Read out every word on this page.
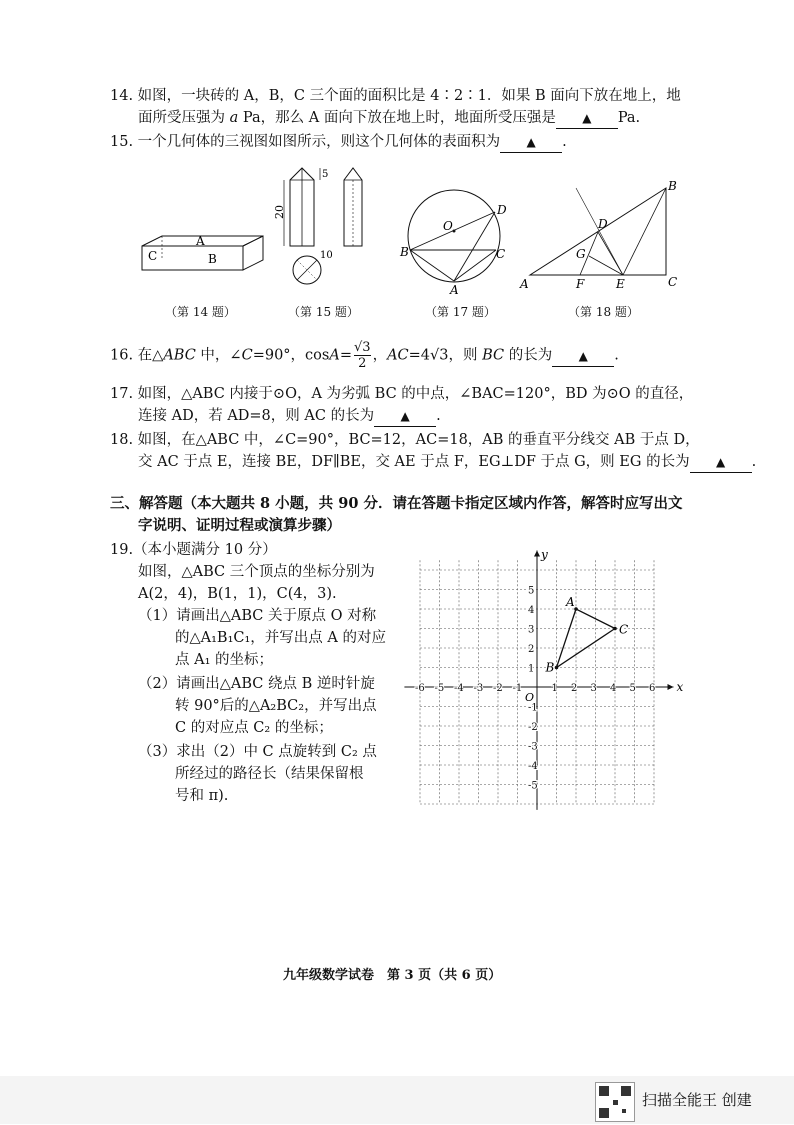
14. 如图，一块砖的 A，B，C 三个面的面积比是 4∶2∶1．如果 B 面向下放在地上，地
面所受压强为 a Pa，那么 A 面向下放在地上时，地面所受压强是 ▲ Pa.
15. 一个几何体的三视图如图所示，则这个几何体的表面积为 ▲ .
C
A
B
（第 14 题）
5
20
10
（第 15 题）
O
D
B	C
A
（第 17 题）
B
D
G
A	F	E	C
（第 18 题）
16. 在△ABC 中，∠C=90°，$\cos A= \frac{√3}{2}$ ，AC=4√3，则 BC 的长为 ▲ .
17. 如图，△ABC 内接于⊙O，A 为劣弧 BC 的中点，∠BAC=120°，BD 为⊙O 的直径，
连接 AD，若 AD=8，则 AC 的长为 ▲ .
18. 如图，在△ABC 中，∠C=90°，BC=12，AC=18，AB 的垂直平分线交 AB 于点 D，
交 AC 于点 E，连接 BE，DF∥BE，交 AE 于点 F，EG⊥DF 于点 G，则 EG 的长为 ▲ .
三、解答题（本大题共 8 小题，共 90 分．请在答题卡指定区域内作答，解答时应写出文
字说明、证明过程或演算步骤）
19.（本小题满分 10 分）
如图，△ABC 三个顶点的坐标分别为
A(2，4)，B(1，1)，C(4，3).
（1）请画出△ABC 关于原点 O 对称
的△A₁B₁C₁，并写出点 A 的对应
点 A₁ 的坐标；
（2）请画出△ABC 绕点 B 逆时针旋
转 90°后的△A₂BC₂，并写出点
C 的对应点 C₂ 的坐标；
（3）求出（2）中 C 点旋转到 C₂ 点
所经过的路径长（结果保留根
号和 π).
x
y
O
-6 -5 -4 -3 -2 -1	1 2 3 4 5 6
5
4
3
2
1
-1
-2
-3
-4
-5
A
B
C
九年级数学试卷　第 3 页（共 6 页）
扫描全能王 创建
